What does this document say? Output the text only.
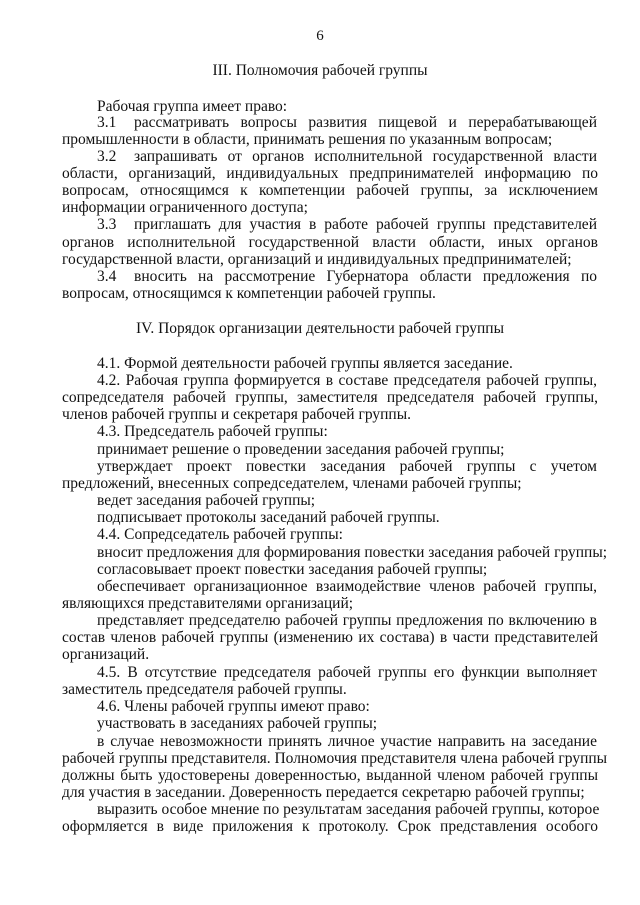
6
III. Полномочия рабочей группы
Рабочая группа имеет право:
3.1 рассматривать вопросы развития пищевой и перерабатывающей
промышленности в области, принимать решения по указанным вопросам;
3.2 запрашивать от органов исполнительной государственной власти
области, организаций, индивидуальных предпринимателей информацию по
вопросам, относящимся к компетенции рабочей группы, за исключением
информации ограниченного доступа;
3.3 приглашать для участия в работе рабочей группы представителей
органов исполнительной государственной власти области, иных органов
государственной власти, организаций и индивидуальных предпринимателей;
3.4 вносить на рассмотрение Губернатора области предложения по
вопросам, относящимся к компетенции рабочей группы.
IV. Порядок организации деятельности рабочей группы
4.1. Формой деятельности рабочей группы является заседание.
4.2. Рабочая группа формируется в составе председателя рабочей группы,
сопредседателя рабочей группы, заместителя председателя рабочей группы,
членов рабочей группы и секретаря рабочей группы.
4.3. Председатель рабочей группы:
принимает решение о проведении заседания рабочей группы;
утверждает проект повестки заседания рабочей группы с учетом
предложений, внесенных сопредседателем, членами рабочей группы;
ведет заседания рабочей группы;
подписывает протоколы заседаний рабочей группы.
4.4. Сопредседатель рабочей группы:
вносит предложения для формирования повестки заседания рабочей группы;
согласовывает проект повестки заседания рабочей группы;
обеспечивает организационное взаимодействие членов рабочей группы,
являющихся представителями организаций;
представляет председателю рабочей группы предложения по включению в
состав членов рабочей группы (изменению их состава) в части представителей
организаций.
4.5. В отсутствие председателя рабочей группы его функции выполняет
заместитель председателя рабочей группы.
4.6. Члены рабочей группы имеют право:
участвовать в заседаниях рабочей группы;
в случае невозможности принять личное участие направить на заседание
рабочей группы представителя. Полномочия представителя члена рабочей группы
должны быть удостоверены доверенностью, выданной членом рабочей группы
для участия в заседании. Доверенность передается секретарю рабочей группы;
выразить особое мнение по результатам заседания рабочей группы, которое
оформляется в виде приложения к протоколу. Срок представления особого
